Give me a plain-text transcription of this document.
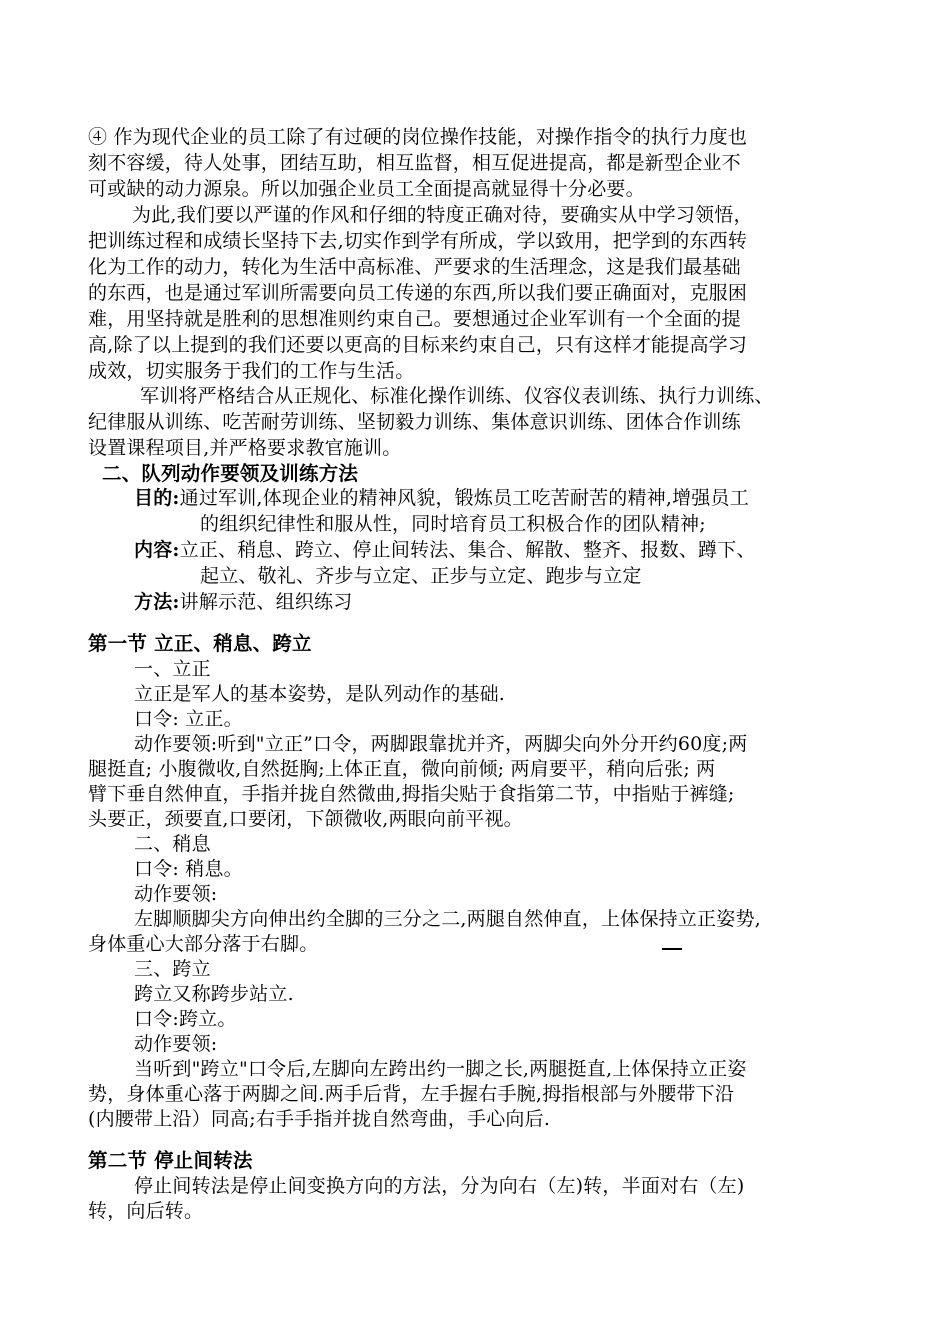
④ 作为现代企业的员工除了有过硬的岗位操作技能，对操作指令的执行力度也
刻不容缓，待人处事，团结互助，相互监督，相互促进提高，都是新型企业不
可或缺的动力源泉。所以加强企业员工全面提高就显得十分必要。
为此,我们要以严谨的作风和仔细的特度正确对待，要确实从中学习领悟，
把训练过程和成绩长坚持下去,切实作到学有所成，学以致用，把学到的东西转
化为工作的动力，转化为生活中高标准、严要求的生活理念，这是我们最基础
的东西，也是通过军训所需要向员工传递的东西,所以我们要正确面对，克服困
难，用坚持就是胜利的思想准则约束自己。要想通过企业军训有一个全面的提
高,除了以上提到的我们还要以更高的目标来约束自己，只有这样才能提高学习
成效，切实服务于我们的工作与生活。
军训将严格结合从正规化、标准化操作训练、仪容仪表训练、执行力训练、
纪律服从训练、吃苦耐劳训练、坚韧毅力训练、集体意识训练、团体合作训练
设置课程项目,并严格要求教官施训。
二、队列动作要领及训练方法
目的:通过军训,体现企业的精神风貌，锻炼员工吃苦耐苦的精神,增强员工
的组织纪律性和服从性，同时培育员工积极合作的团队精神;
内容:立正、稍息、跨立、停止间转法、集合、解散、整齐、报数、蹲下、
起立、敬礼、齐步与立定、正步与立定、跑步与立定
方法:讲解示范、组织练习
第一节 立正、稍息、跨立
一、立正
立正是军人的基本姿势，是队列动作的基础.
口令: 立正。
动作要领:听到"立正”口令，两脚跟靠扰并齐，两脚尖向外分开约60度;两
腿挺直; 小腹微收,自然挺胸;上体正直，微向前倾; 两肩要平，稍向后张; 两
臂下垂自然伸直，手指并拢自然微曲,拇指尖贴于食指第二节，中指贴于裤缝;
头要正，颈要直,口要闭，下颌微收,两眼向前平视。
二、稍息
口令: 稍息。
动作要领:
左脚顺脚尖方向伸出约全脚的三分之二,两腿自然伸直，上体保持立正姿势,
身体重心大部分落于右脚。
三、跨立
跨立又称跨步站立.
口令:跨立。
动作要领:
当听到"跨立"口令后,左脚向左跨出约一脚之长,两腿挺直,上体保持立正姿
势，身体重心落于两脚之间.两手后背，左手握右手腕,拇指根部与外腰带下沿
(内腰带上沿）同高;右手手指并拢自然弯曲，手心向后.
第二节 停止间转法
停止间转法是停止间变换方向的方法，分为向右（左)转，半面对右（左)
转，向后转。
